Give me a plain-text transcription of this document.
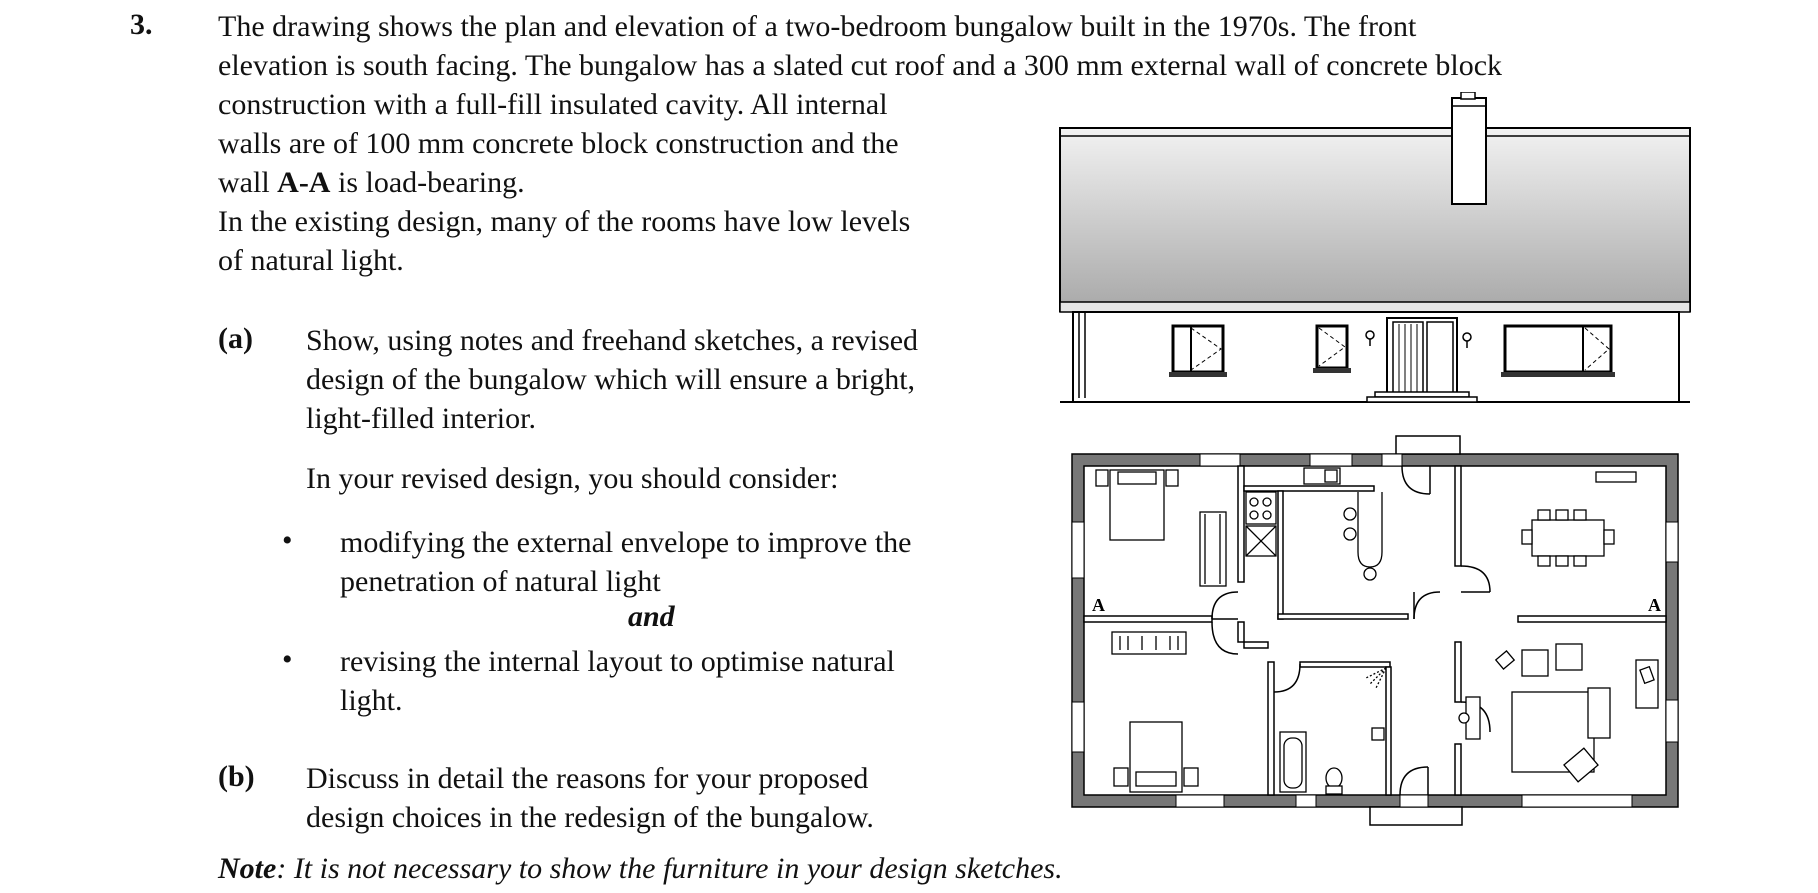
3. The drawing shows the plan and elevation of a two-bedroom bungalow built in the 1970s. The front
elevation is south facing. The bungalow has a slated cut roof and a 300 mm external wall of concrete block
construction with a full-fill insulated cavity. All internal
walls are of 100 mm concrete block construction and the
wall A-A is load-bearing.
In the existing design, many of the rooms have low levels
of natural light.
(a) Show, using notes and freehand sketches, a revised
design of the bungalow which will ensure a bright,
light-filled interior.
In your revised design, you should consider:
• modifying the external envelope to improve the
penetration of natural light
and
• revising the internal layout to optimise natural
light.
(b) Discuss in detail the reasons for your proposed
design choices in the redesign of the bungalow.
Note: It is not necessary to show the furniture in your design sketches.
A	A
